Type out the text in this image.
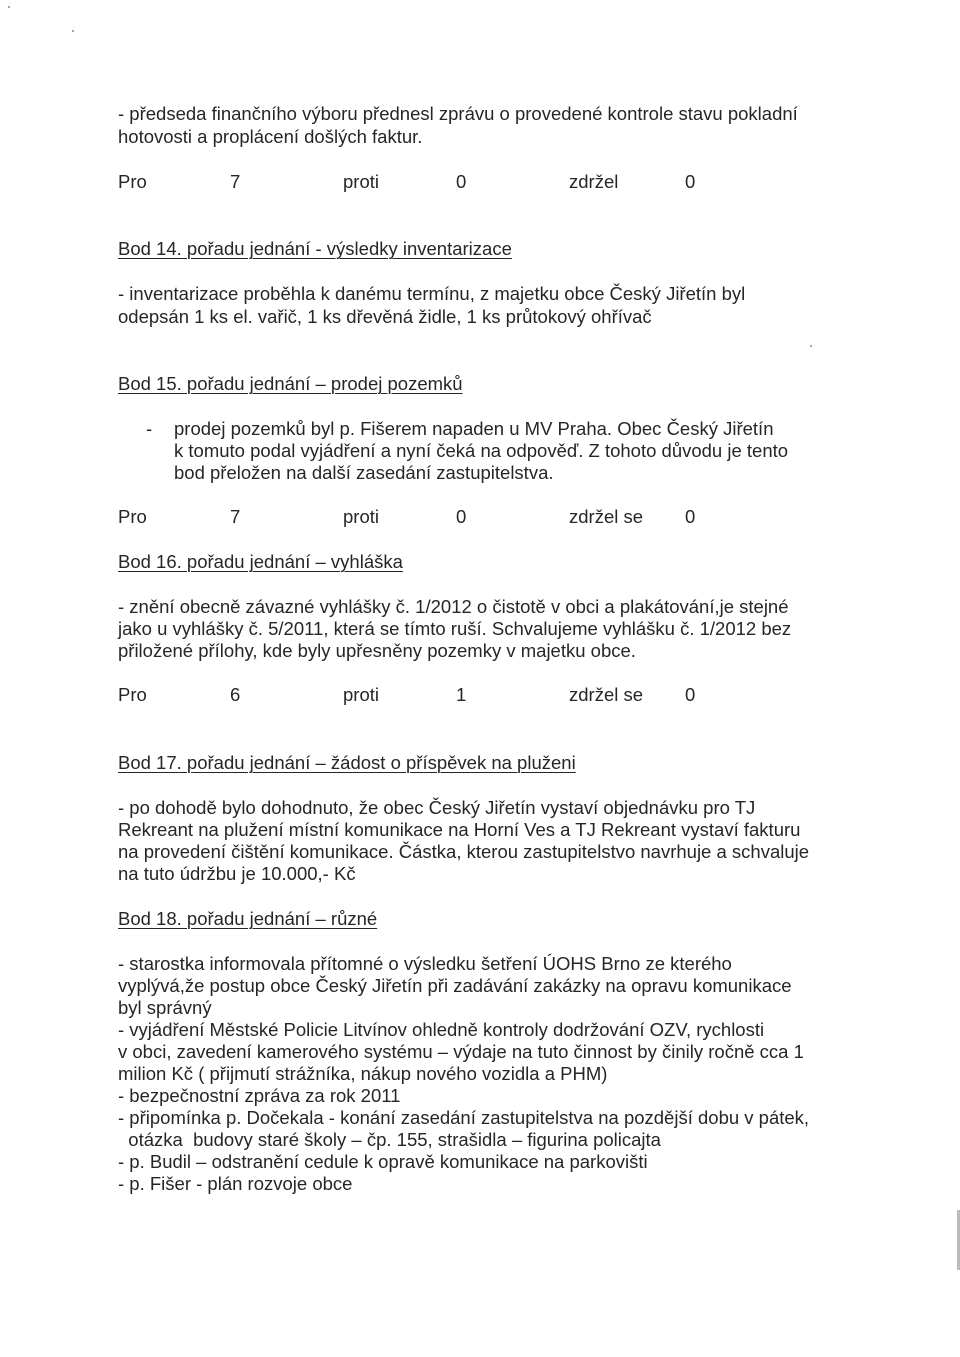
- předseda finančního výboru přednesl zprávu o provedené kontrole stavu pokladní
hotovosti a proplácení došlých faktur.
Pro	7	proti	0	zdržel	0
Bod 14. pořadu jednání - výsledky inventarizace
- inventarizace proběhla k danému termínu, z majetku obce Český Jiřetín byl
odepsán 1 ks el. vařič, 1 ks dřevěná židle, 1 ks průtokový ohřívač
Bod 15. pořadu jednání – prodej pozemků
- prodej pozemků byl p. Fišerem napaden u MV Praha. Obec Český Jiřetín
k tomuto podal vyjádření a nyní čeká na odpověď. Z tohoto důvodu je tento
bod přeložen na další zasedání zastupitelstva.
Pro	7	proti	0	zdržel se 0
Bod 16. pořadu jednání – vyhláška
- znění obecně závazné vyhlášky č. 1/2012 o čistotě v obci a plakátování,je stejné
jako u vyhlášky č. 5/2011, která se tímto ruší. Schvalujeme vyhlášku č. 1/2012 bez
přiložené přílohy, kde byly upřesněny pozemky v majetku obce.
Pro	6	proti	1	zdržel se 0
Bod 17. pořadu jednání – žádost o příspěvek na pluženi
- po dohodě bylo dohodnuto, že obec Český Jiřetín vystaví objednávku pro TJ
Rekreant na plužení místní komunikace na Horní Ves a TJ Rekreant vystaví fakturu
na provedení čištění komunikace. Částka, kterou zastupitelstvo navrhuje a schvaluje
na tuto údržbu je 10.000,- Kč
Bod 18. pořadu jednání – různé
- starostka informovala přítomné o výsledku šetření ÚOHS Brno ze kterého
vyplývá,že postup obce Český Jiřetín při zadávání zakázky na opravu komunikace
byl správný
- vyjádření Městské Policie Litvínov ohledně kontroly dodržování OZV, rychlosti
v obci, zavedení kamerového systému – výdaje na tuto činnost by činily ročně cca 1
milion Kč ( přijmutí strážníka, nákup nového vozidla a PHM)
- bezpečnostní zpráva za rok 2011
- připomínka p. Dočekala - konání zasedání zastupitelstva na pozdější dobu v pátek,
otázka  budovy staré školy – čp. 155, strašidla – figurina policajta
- p. Budil – odstranění cedule k opravě komunikace na parkovišti
- p. Fišer - plán rozvoje obce
